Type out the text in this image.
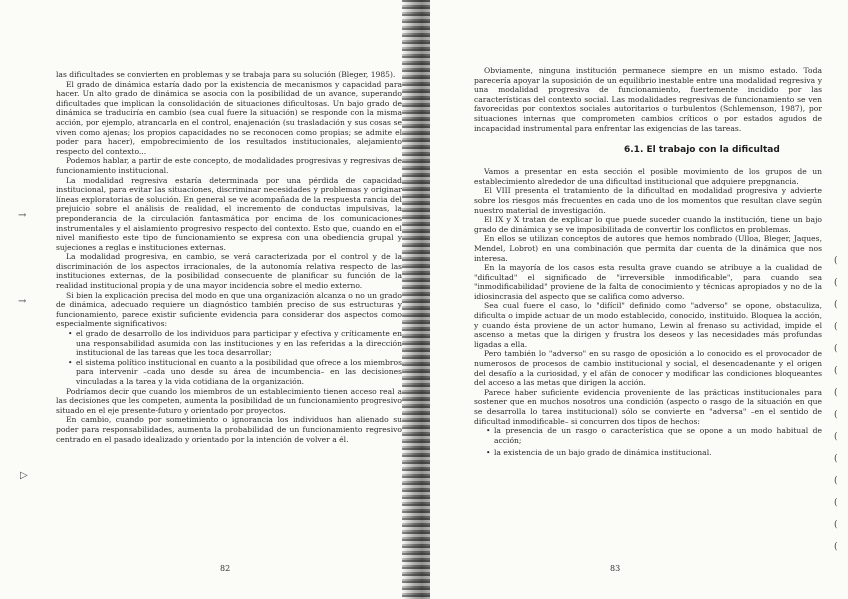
las dificultades se convierten en problemas y se trabaja para su solución (Bleger, 1985).

El grado de dinámica estaría dado por la existencia de mecanismos y capacidad para hacer. Un alto grado de dinámica se asocia con la posibilidad de un avance, superando dificultades que implican la consolidación de situaciones dificultosas. Un bajo grado de dinámica se traduciría en cambio (sea cual fuere la situación) se responde con la misma acción, por ejemplo, atrancarla en el control, enajenación (su trasladación y sus cosas se viven como ajenas; los propios capacidades no se reconocen como propias; se admite el poder para hacer), empobrecimiento de los resultados institucionales, alejamiento respecto del contexto...

Podemos hablar, a partir de este concepto, de modalidades progresivas y regresivas de funcionamiento institucional.

La modalidad regresiva estaría determinada por una pérdida de capacidad institucional, para evitar las situaciones, discriminar necesidades y problemas y originar líneas exploratorias de solución. En general se ve acompañada de la respuesta rancia del prejuicio sobre el análisis de realidad, el incremento de conductas impulsivas, la preponderancia de la circulación fantasmática por encima de los comunicaciones instrumentales y el aislamiento progresivo respecto del contexto. Esto que, cuando en el nivel manifiesto este tipo de funcionamiento se expresa con una obediencia grupal y sujeciones a reglas e instituciones externas.

La modalidad progresiva, en cambio, se verá caracterizada por el control y de la discriminación de los aspectos irracionales, de la autonomía relativa respecto de las instituciones externas, de la posibilidad consecuente de planificar su función de la realidad institucional propia y de una mayor incidencia sobre el medio externo.

Si bien la explicación precisa del modo en que una organización alcanza o no un grado de dinámica, adecuado requiere un diagnóstico también preciso de sus estructuras y funcionamiento, parece existir suficiente evidencia para considerar dos aspectos como especialmente significativos:

• el grado de desarrollo de los individuos para participar y efectiva y críticamente en una responsabilidad asumida con las instituciones y en las referidas a la dirección institucional de las tareas que les toca desarrollar;
• el sistema político institucional en cuanto a la posibilidad que ofrece a los miembros para intervenir –cada uno desde su área de incumbencia– en las decisiones vinculadas a la tarea y la vida cotidiana de la organización.

Podríamos decir que cuando los miembros de un establecimiento tienen acceso real a las decisiones que les competen, aumenta la posibilidad de un funcionamiento progresivo situado en el eje presente-futuro y orientado por proyectos.

En cambio, cuando por sometimiento o ignorancia los individuos han alienado su poder para responsabilidades, aumenta la probabilidad de un funcionamiento regresivo centrado en el pasado idealizado y orientado por la intención de volver a él.

82
→
→
▷

Obviamente, ninguna institución permanece siempre en un mismo estado. Toda parecería apoyar la suposición de un equilibrio inestable entre una modalidad regresiva y una modalidad progresiva de funcionamiento, fuertemente incidido por las características del contexto social. Las modalidades regresivas de funcionamiento se ven favorecidas por contextos sociales autoritarios o turbulentos (Schlemenson, 1987), por situaciones internas que comprometen cambios críticos o por estados agudos de incapacidad instrumental para enfrentar las exigencias de las tareas.

6.1. El trabajo con la dificultad

Vamos a presentar en esta sección el posible movimiento de los grupos de un establecimiento alrededor de una dificultad institucional que adquiere prepgnancia.

El VIII presenta el tratamiento de la dificultad en modalidad progresiva y advierte sobre los riesgos más frecuentes en cada uno de los momentos que resultan clave según nuestro material de investigación.

El IX y X tratan de explicar lo que puede suceder cuando la institución, tiene un bajo grado de dinámica y se ve imposibilitada de convertir los conflictos en problemas.

En ellos se utilizan conceptos de autores que hemos nombrado (Ulloa, Bleger, Jaques, Mendel, Lobrot) en una combinación que permita dar cuenta de la dinámica que nos interesa.

En la mayoría de los casos esta resulta grave cuando se atribuye a la cualidad de "dificultad" el significado de "irreversible inmodificable", para cuando sea "inmodificabilidad" proviene de la falta de conocimiento y técnicas apropiados y no de la idiosincrasia del aspecto que se califica como adverso.

Sea cual fuere el caso, lo "difícil" definido como "adverso" se opone, obstaculiza, dificulta o impide actuar de un modo establecido, conocido, instituido. Bloquea la acción, y cuando ésta proviene de un actor humano, Lewin al frenaso su actividad, impide el ascenso a metas que la dirigen y frustra los deseos y las necesidades más profundas ligadas a ella.

Pero también lo "adverso" en su rasgo de oposición a lo conocido es el provocador de numerosos de procesos de cambio institucional y social, el desencadenante y el origen del desafío a la curiosidad, y el afán de conocer y modificar las condiciones bloqueantes del acceso a las metas que dirigen la acción.

Parece haber suficiente evidencia proveniente de las prácticas institucionales para sostener que en muchos nosotros una condición (aspecto o rasgo de la situación en que se desarrolla lo tarea institucional) sólo se convierte en "adversa" –en el sentido de dificultad inmodificable– si concurren dos tipos de hechos:

• la presencia de un rasgo o característica que se opone a un modo habitual de acción;
• la existencia de un bajo grado de dinámica institucional.
83
(
(
(
(
(
(
(
(
(
(
(
(
(
(
